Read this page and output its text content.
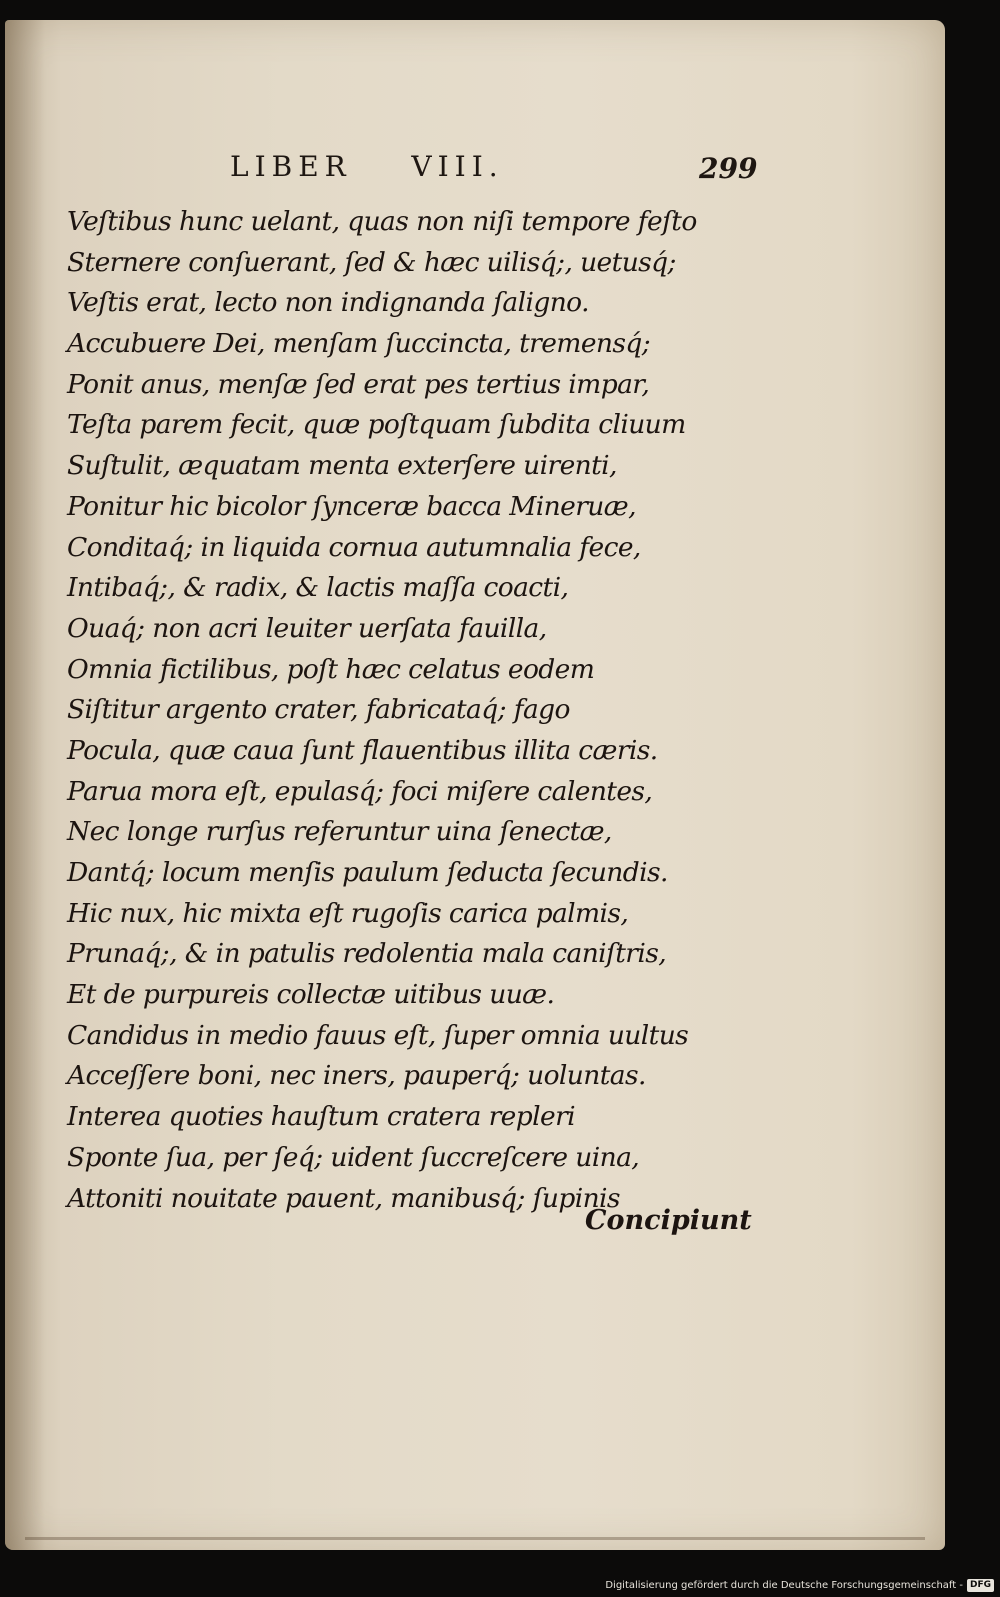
LIBER    VIII.	299
Veſtibus hunc uelant, quas non niſi tempore feſto
Sternere conſuerant, ſed & hæc uilisq́;, uetusq́;
Veſtis erat, lecto non indignanda ſaligno.
Accubuere Dei, menſam ſuccincta, tremensq́;
Ponit anus, menſæ ſed erat pes tertius impar,
Teſta parem fecit, quæ poſtquam ſubdita cliuum
Suſtulit, æquatam menta exterſere uirenti,
Ponitur hic bicolor ſynceræ bacca Mineruæ,
Conditaq́; in liquida cornua autumnalia fece,
Intibaq́;, & radix, & lactis maſſa coacti,
Ouaq́; non acri leuiter uerſata fauilla,
Omnia fictilibus, poſt hæc celatus eodem
Siſtitur argento crater, fabricataq́; fago
Pocula, quæ caua ſunt flauentibus illita cæris.
Parua mora eſt, epulasq́; foci miſere calentes,
Nec longe rurſus referuntur uina ſenectæ,
Dantq́; locum menſis paulum ſeducta ſecundis.
Hic nux, hic mixta eſt rugoſis carica palmis,
Prunaq́;, & in patulis redolentia mala caniſtris,
Et de purpureis collectæ uitibus uuæ.
Candidus in medio fauus eſt, ſuper omnia uultus
Acceſſere boni, nec iners, pauperq́; uoluntas.
Interea quoties hauſtum cratera repleri
Sponte ſua, per ſeq́; uident ſuccreſcere uina,
Attoniti nouitate pauent, manibusq́; ſupinis
Concipiunt
Digitalisierung gefördert durch die Deutsche Forschungsgemeinschaft - DFG
